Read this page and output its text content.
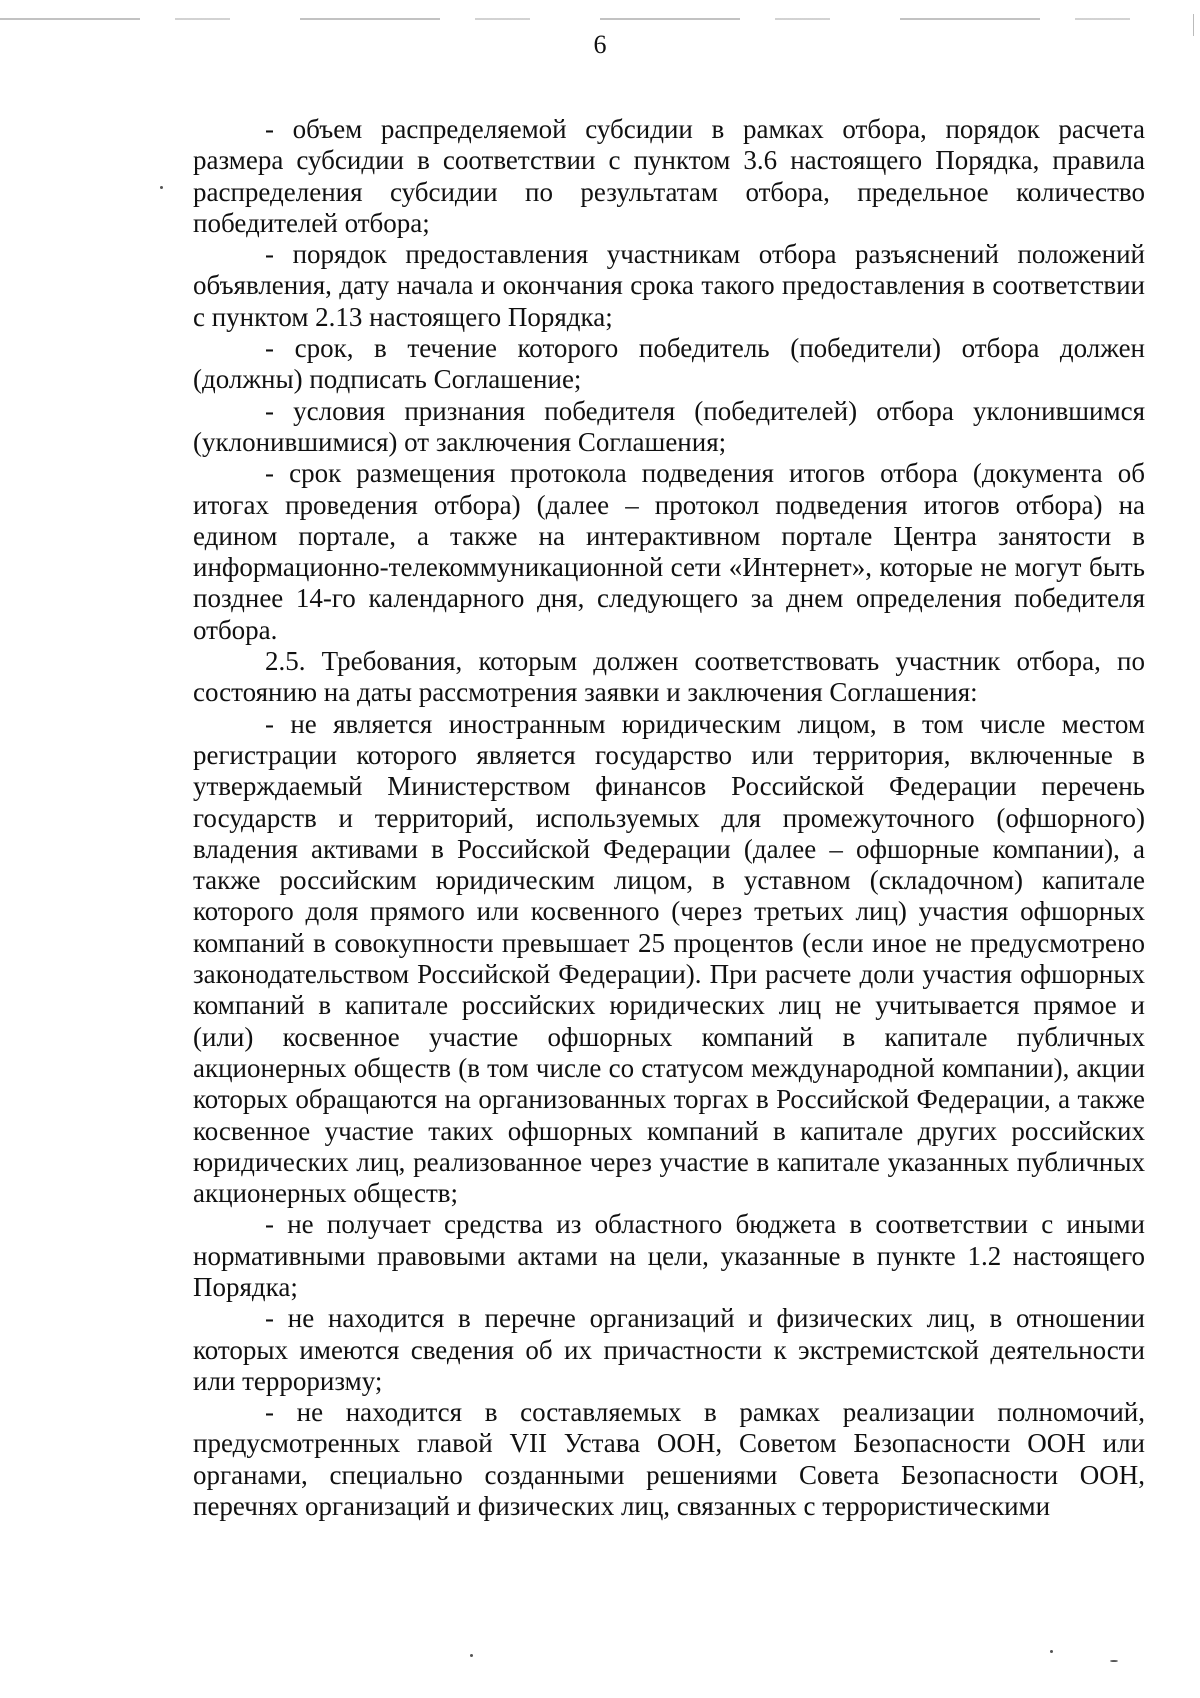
6

- объем распределяемой субсидии в рамках отбора, порядок расчета размера субсидии в соответствии с пунктом 3.6 настоящего Порядка, правила распределения субсидии по результатам отбора, предельное количество победителей отбора;

- порядок предоставления участникам отбора разъяснений положений объявления, дату начала и окончания срока такого предоставления в соответствии с пунктом 2.13 настоящего Порядка;

- срок, в течение которого победитель (победители) отбора должен (должны) подписать Соглашение;

- условия признания победителя (победителей) отбора уклонившимся (уклонившимися) от заключения Соглашения;

- срок размещения протокола подведения итогов отбора (документа об итогах проведения отбора) (далее – протокол подведения итогов отбора) на едином портале, а также на интерактивном портале Центра занятости в информационно-телекоммуникационной сети «Интернет», которые не могут быть позднее 14-го календарного дня, следующего за днем определения победителя отбора.

2.5. Требования, которым должен соответствовать участник отбора, по состоянию на даты рассмотрения заявки и заключения Соглашения:

- не является иностранным юридическим лицом, в том числе местом регистрации которого является государство или территория, включенные в утверждаемый Министерством финансов Российской Федерации перечень государств и территорий, используемых для промежуточного (офшорного) владения активами в Российской Федерации (далее – офшорные компании), а также российским юридическим лицом, в уставном (складочном) капитале которого доля прямого или косвенного (через третьих лиц) участия офшорных компаний в совокупности превышает 25 процентов (если иное не предусмотрено законодательством Российской Федерации). При расчете доли участия офшорных компаний в капитале российских юридических лиц не учитывается прямое и (или) косвенное участие офшорных компаний в капитале публичных акционерных обществ (в том числе со статусом международной компании), акции которых обращаются на организованных торгах в Российской Федерации, а также косвенное участие таких офшорных компаний в капитале других российских юридических лиц, реализованное через участие в капитале указанных публичных акционерных обществ;

- не получает средства из областного бюджета в соответствии с иными нормативными правовыми актами на цели, указанные в пункте 1.2 настоящего Порядка;

- не находится в перечне организаций и физических лиц, в отношении которых имеются сведения об их причастности к экстремистской деятельности или терроризму;

- не находится в составляемых в рамках реализации полномочий, предусмотренных главой VII Устава ООН, Советом Безопасности ООН или органами, специально созданными решениями Совета Безопасности ООН, перечнях организаций и физических лиц, связанных с террористическими
